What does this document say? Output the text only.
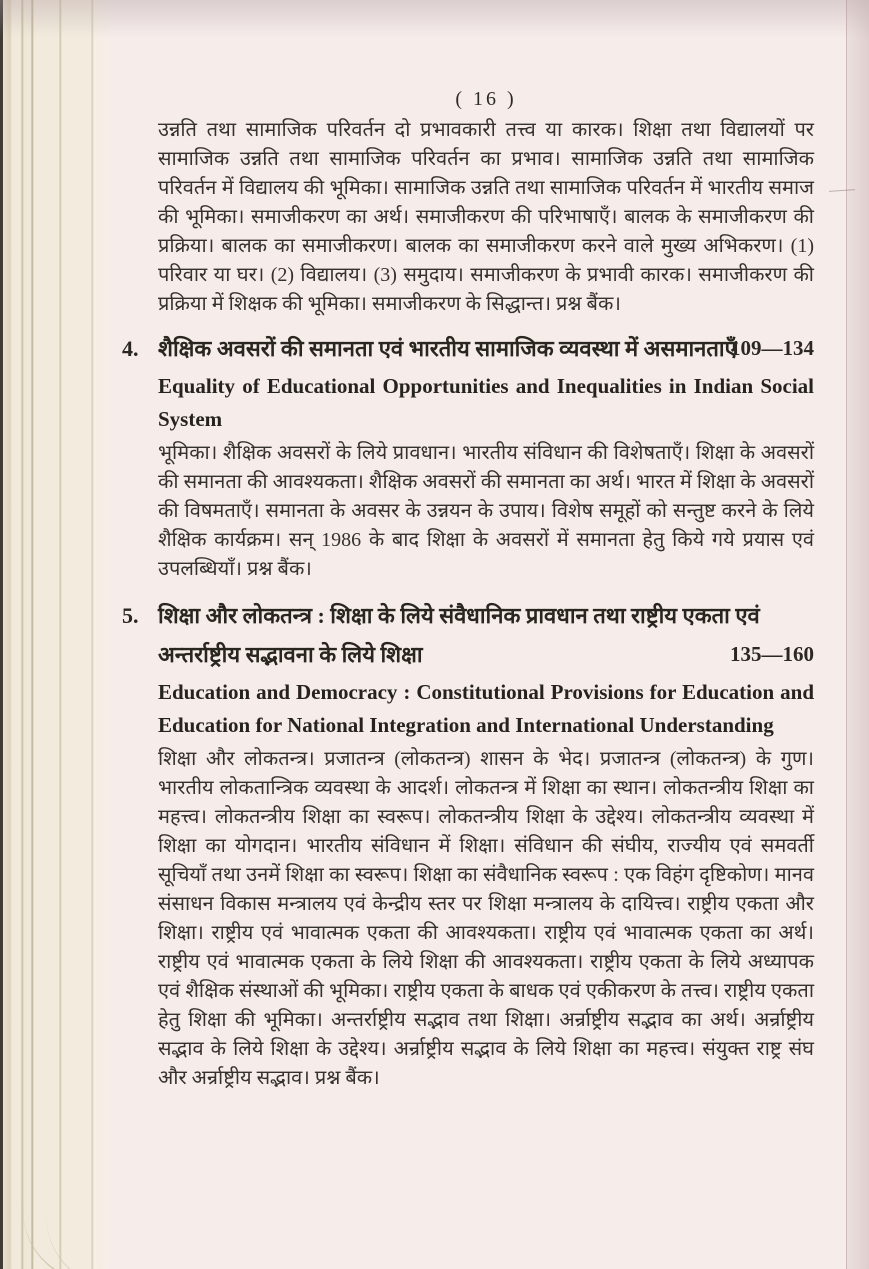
( 16 )

उन्नति तथा सामाजिक परिवर्तन दो प्रभावकारी तत्त्व या कारक। शिक्षा तथा विद्यालयों पर सामाजिक उन्नति तथा सामाजिक परिवर्तन का प्रभाव। सामाजिक उन्नति तथा सामाजिक परिवर्तन में विद्यालय की भूमिका। सामाजिक उन्नति तथा सामाजिक परिवर्तन में भारतीय समाज की भूमिका। समाजीकरण का अर्थ। समाजीकरण की परिभाषाएँ। बालक के समाजीकरण की प्रक्रिया। बालक का समाजीकरण। बालक का समाजीकरण करने वाले मुख्य अभिकरण। (1) परिवार या घर। (2) विद्यालय। (3) समुदाय। समाजीकरण के प्रभावी कारक। समाजीकरण की प्रक्रिया में शिक्षक की भूमिका। समाजीकरण के सिद्धान्त। प्रश्न बैंक।

4. शैक्षिक अवसरों की समानता एवं भारतीय सामाजिक व्यवस्था में असमानताएँ
109—134
Equality of Educational Opportunities and Inequalities in Indian Social System
भूमिका। शैक्षिक अवसरों के लिये प्रावधान। भारतीय संविधान की विशेषताएँ। शिक्षा के अवसरों की समानता की आवश्यकता। शैक्षिक अवसरों की समानता का अर्थ। भारत में शिक्षा के अवसरों की विषमताएँ। समानता के अवसर के उन्नयन के उपाय। विशेष समूहों को सन्तुष्ट करने के लिये शैक्षिक कार्यक्रम। सन् 1986 के बाद शिक्षा के अवसरों में समानता हेतु किये गये प्रयास एवं उपलब्धियाँ। प्रश्न बैंक।
5. शिक्षा और लोकतन्त्र : शिक्षा के लिये संवैधानिक प्रावधान तथा राष्ट्रीय एकता एवं अन्तर्राष्ट्रीय सद्भावना के लिये शिक्षा	135—160
Education and Democracy : Constitutional Provisions for Education and Education for National Integration and International Understanding
शिक्षा और लोकतन्त्र। प्रजातन्त्र (लोकतन्त्र) शासन के भेद। प्रजातन्त्र (लोकतन्त्र) के गुण। भारतीय लोकतान्त्रिक व्यवस्था के आदर्श। लोकतन्त्र में शिक्षा का स्थान। लोकतन्त्रीय शिक्षा का महत्त्व। लोकतन्त्रीय शिक्षा का स्वरूप। लोकतन्त्रीय शिक्षा के उद्देश्य। लोकतन्त्रीय व्यवस्था में शिक्षा का योगदान। भारतीय संविधान में शिक्षा। संविधान की संघीय, राज्यीय एवं समवर्ती सूचियाँ तथा उनमें शिक्षा का स्वरूप। शिक्षा का संवैधानिक स्वरूप : एक विहंग दृष्टिकोण। मानव संसाधन विकास मन्त्रालय एवं केन्द्रीय स्तर पर शिक्षा मन्त्रालय के दायित्त्व। राष्ट्रीय एकता और शिक्षा। राष्ट्रीय एवं भावात्मक एकता की आवश्यकता। राष्ट्रीय एवं भावात्मक एकता का अर्थ। राष्ट्रीय एवं भावात्मक एकता के लिये शिक्षा की आवश्यकता। राष्ट्रीय एकता के लिये अध्यापक एवं शैक्षिक संस्थाओं की भूमिका। राष्ट्रीय एकता के बाधक एवं एकीकरण के तत्त्व। राष्ट्रीय एकता हेतु शिक्षा की भूमिका। अन्तर्राष्ट्रीय सद्भाव तथा शिक्षा। अर्न्राष्ट्रीय सद्भाव का अर्थ। अर्न्राष्ट्रीय सद्भाव के लिये शिक्षा के उद्देश्य। अर्न्राष्ट्रीय सद्भाव के लिये शिक्षा का महत्त्व। संयुक्त राष्ट्र संघ और अर्न्राष्ट्रीय सद्भाव। प्रश्न बैंक।
